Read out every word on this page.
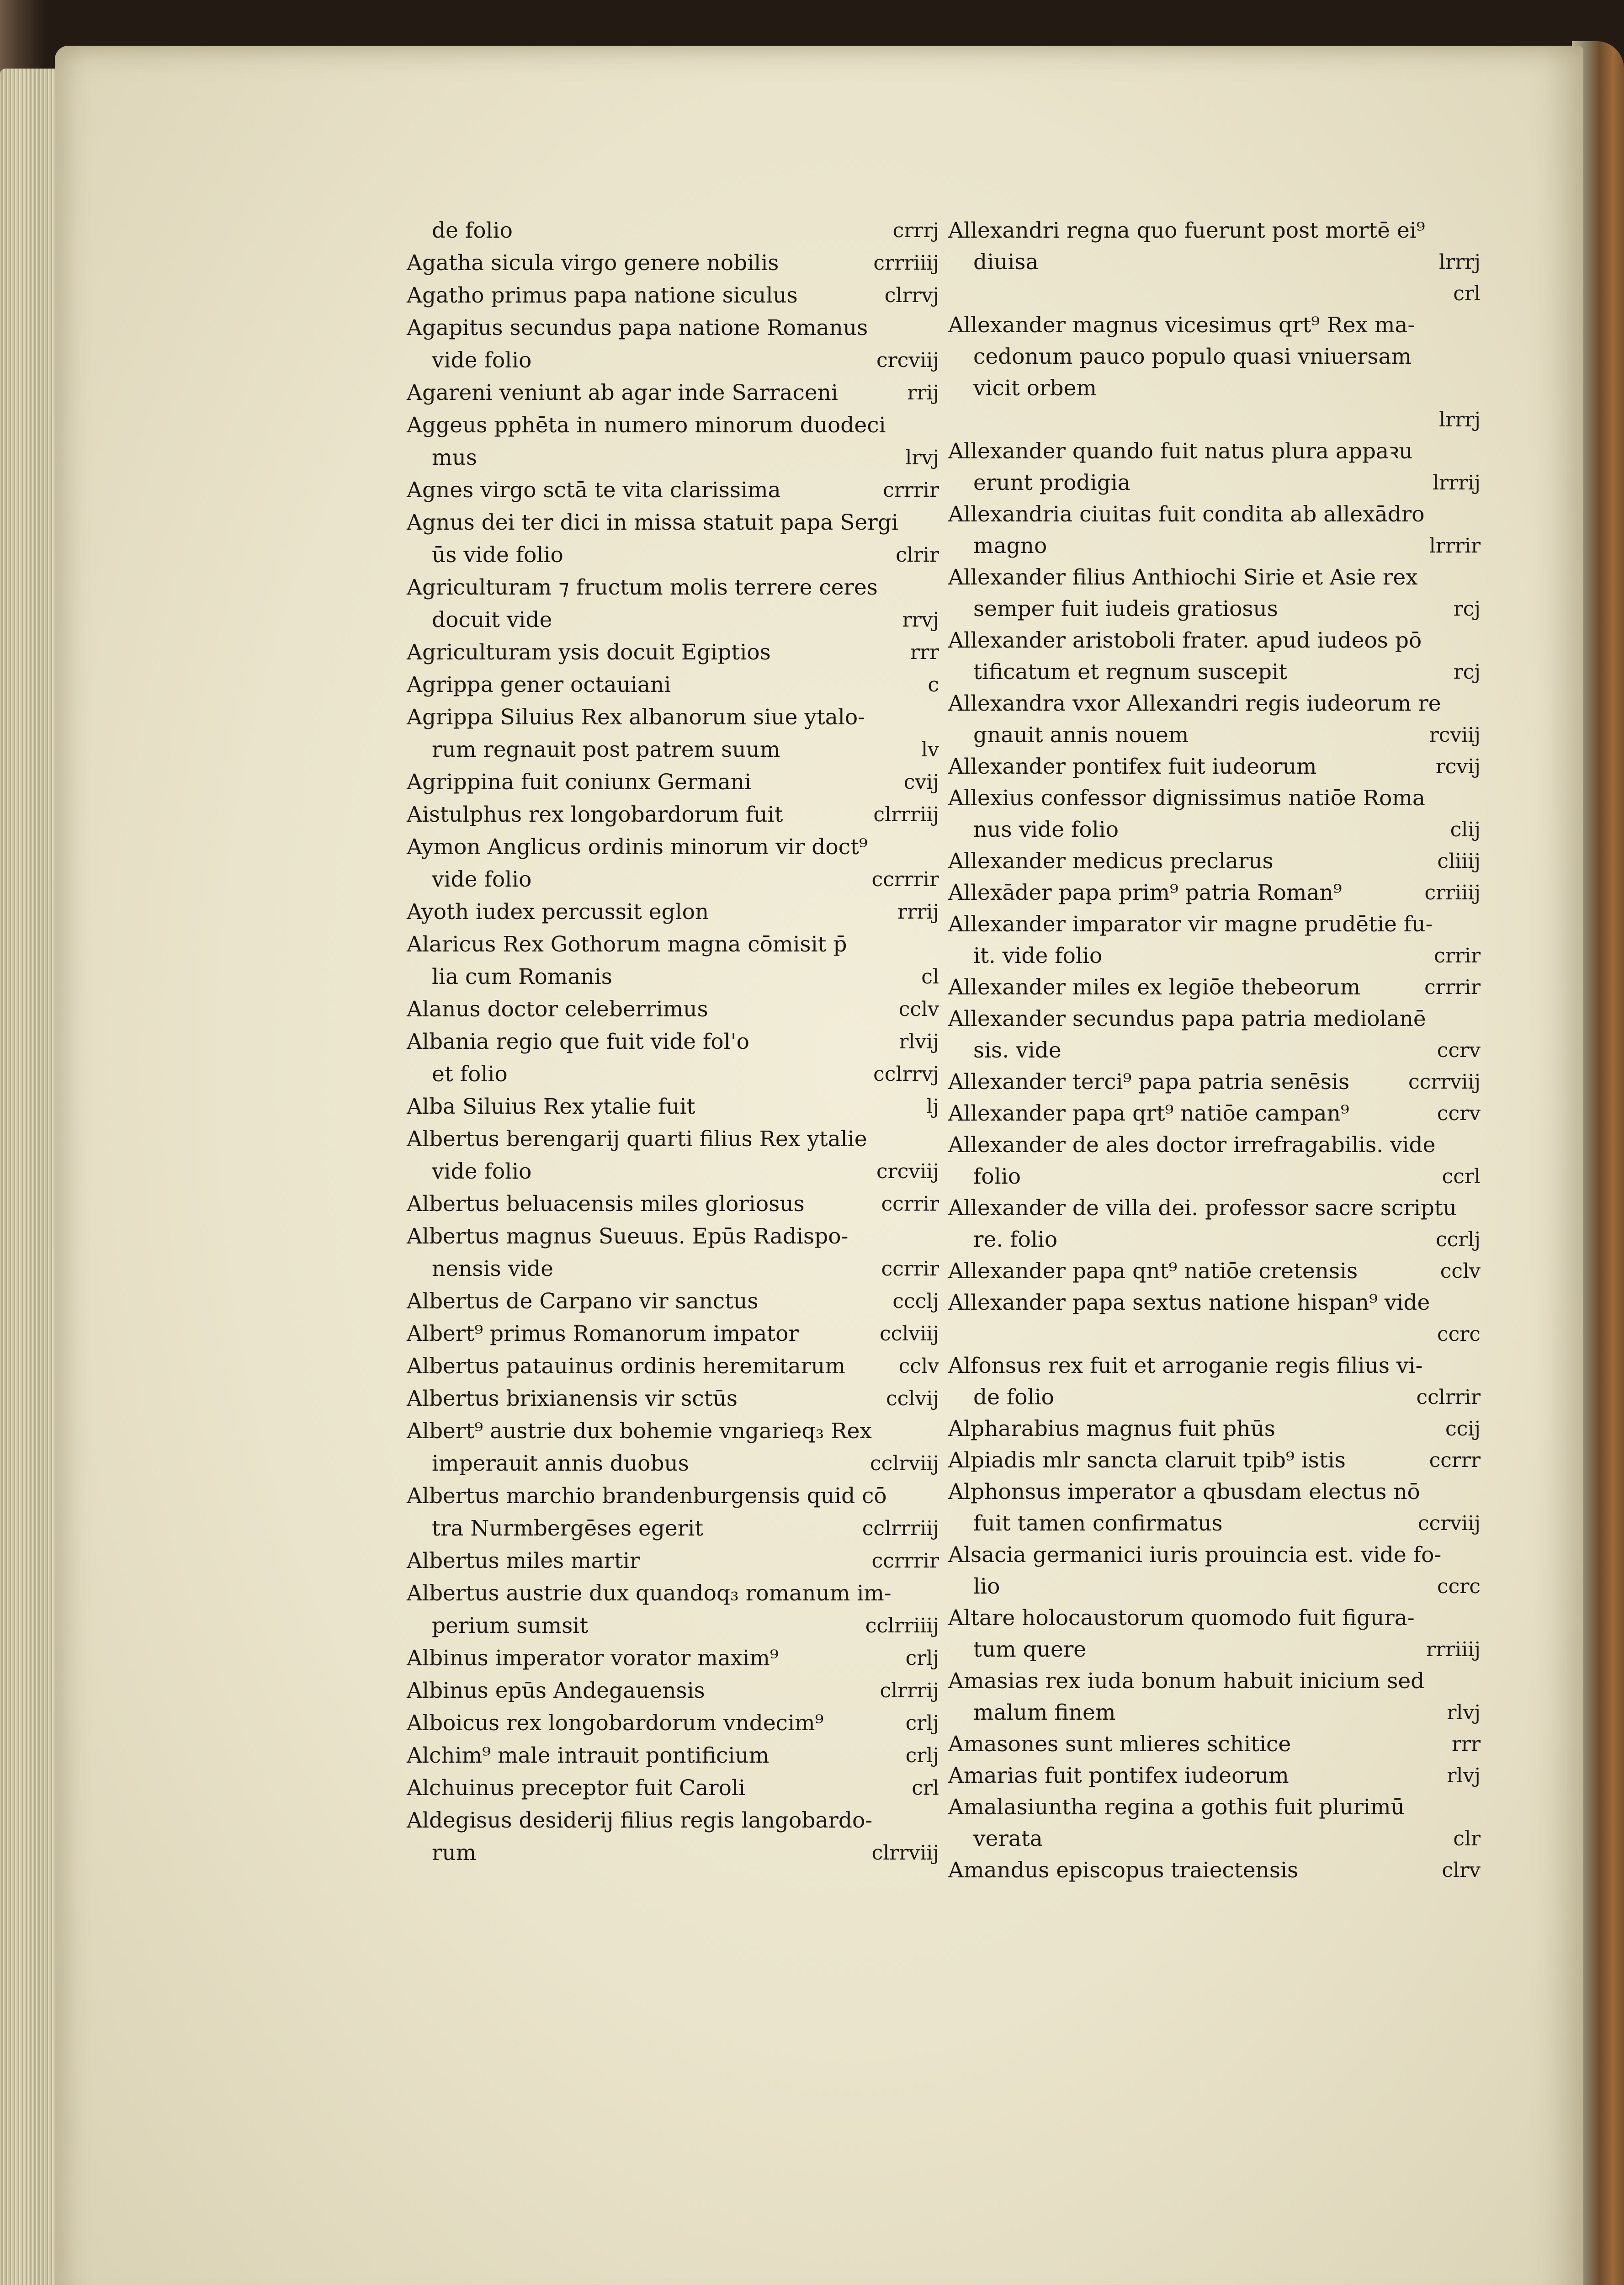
de folio	crrrj
Agatha sicula virgo genere nobilis	crrriiij
Agatho primus papa natione siculus	clrrvj
Agapitus secundus papa natione Romanus
vide folio	crcviij
Agareni veniunt ab agar inde Sarraceni	rrij
Aggeus pphēta in numero minorum duodeci
mus	lrvj
Agnes virgo sctā te vita clarissima	crrrir
Agnus dei ter dici in missa statuit papa Sergi
ūs vide folio	clrir
Agriculturam ⁊ fructum molis terrere ceres
docuit vide	rrvj
Agriculturam ysis docuit Egiptios	rrr
Agrippa gener octauiani	c
Agrippa Siluius Rex albanorum siue ytalo-
rum regnauit post patrem suum	lv
Agrippina fuit coniunx Germani	cvij
Aistulphus rex longobardorum fuit	clrrriij
Aymon Anglicus ordinis minorum vir doct⁹
vide folio	ccrrrir
Ayoth iudex percussit eglon	rrrij
Alaricus Rex Gothorum magna cōmisit p̄
lia cum Romanis	cl
Alanus doctor celeberrimus	cclv
Albania regio que fuit vide fol'o	rlvij
et folio	cclrrvj
Alba Siluius Rex ytalie fuit	lj
Albertus berengarij quarti filius Rex ytalie
vide folio	crcviij
Albertus beluacensis miles gloriosus	ccrrir
Albertus magnus Sueuus. Epūs Radispo-
nensis vide	ccrrir
Albertus de Carpano vir sanctus	ccclj
Albert⁹ primus Romanorum impator	cclviij
Albertus patauinus ordinis heremitarum	cclv
Albertus brixianensis vir sctūs	cclvij
Albert⁹ austrie dux bohemie vngarieq₃ Rex
imperauit annis duobus	cclrviij
Albertus marchio brandenburgensis quid cō
tra Nurmbergēses egerit	cclrrriij
Albertus miles martir	ccrrrir
Albertus austrie dux quandoq₃ romanum im-
perium sumsit	cclrriiij
Albinus imperator vorator maxim⁹	crlj
Albinus epūs Andegauensis	clrrrij
Alboicus rex longobardorum vndecim⁹	crlj
Alchim⁹ male intrauit pontificium	crlj
Alchuinus preceptor fuit Caroli	crl
Aldegisus desiderij filius regis langobardo-
rum	clrrviij
Allexandri regna quo fuerunt post mortē ei⁹
diuisa	lrrrj
crl
Allexander magnus vicesimus qrt⁹ Rex ma-
cedonum pauco populo quasi vniuersam
vicit orbem
lrrrj
Allexander quando fuit natus plura appaꝛu
erunt prodigia	lrrrij
Allexandria ciuitas fuit condita ab allexādro
magno	lrrrir
Allexander filius Anthiochi Sirie et Asie rex
semper fuit iudeis gratiosus	rcj
Allexander aristoboli frater. apud iudeos pō
tificatum et regnum suscepit	rcj
Allexandra vxor Allexandri regis iudeorum re
gnauit annis nouem	rcviij
Allexander pontifex fuit iudeorum	rcvij
Allexius confessor dignissimus natiōe Roma
nus vide folio	clij
Allexander medicus preclarus	cliiij
Allexāder papa prim⁹ patria Roman⁹	crriiij
Allexander imparator vir magne prudētie fu-
it. vide folio	crrir
Allexander miles ex legiōe thebeorum	crrrir
Allexander secundus papa patria mediolanē
sis. vide	ccrv
Allexander terci⁹ papa patria senēsis	ccrrviij
Allexander papa qrt⁹ natiōe campan⁹	ccrv
Allexander de ales doctor irrefragabilis. vide
folio	ccrl
Allexander de villa dei. professor sacre scriptu
re. folio	ccrlj
Allexander papa qnt⁹ natiōe cretensis	cclv
Allexander papa sextus natione hispan⁹ vide
ccrc
Alfonsus rex fuit et arroganie regis filius vi-
de folio	cclrrir
Alpharabius magnus fuit phūs	ccij
Alpiadis mlr sancta claruit tpib⁹ istis	ccrrr
Alphonsus imperator a qbusdam electus nō
fuit tamen confirmatus	ccrviij
Alsacia germanici iuris prouincia est. vide fo-
lio	ccrc
Altare holocaustorum quomodo fuit figura-
tum quere	rrriiij
Amasias rex iuda bonum habuit inicium sed
malum finem	rlvj
Amasones sunt mlieres schitice	rrr
Amarias fuit pontifex iudeorum	rlvj
Amalasiuntha regina a gothis fuit plurimū
verata	clr
Amandus episcopus traiectensis	clrv
